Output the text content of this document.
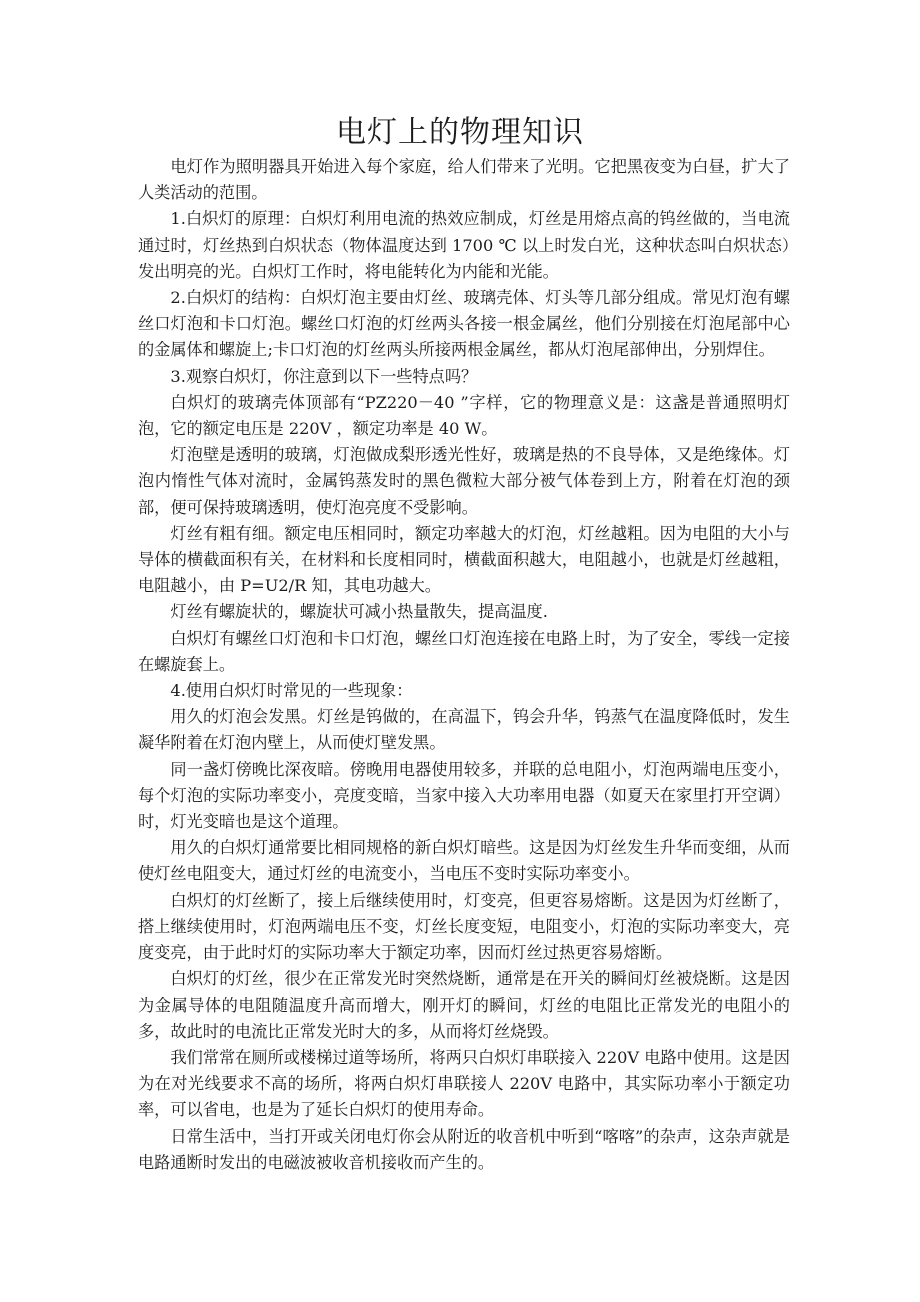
电灯上的物理知识

电灯作为照明器具开始进入每个家庭，给人们带来了光明。它把黑夜变为白昼，扩大了人类活动的范围。

1.白炽灯的原理：白炽灯利用电流的热效应制成，灯丝是用熔点高的钨丝做的，当电流通过时，灯丝热到白炽状态（物体温度达到 1700 ℃ 以上时发白光，这种状态叫白炽状态）发出明亮的光。白炽灯工作时，将电能转化为内能和光能。

2.白炽灯的结构：白炽灯泡主要由灯丝、玻璃壳体、灯头等几部分组成。常见灯泡有螺丝口灯泡和卡口灯泡。螺丝口灯泡的灯丝两头各接一根金属丝，他们分别接在灯泡尾部中心的金属体和螺旋上;卡口灯泡的灯丝两头所接两根金属丝，都从灯泡尾部伸出，分别焊住。

3.观察白炽灯，你注意到以下一些特点吗？

白炽灯的玻璃壳体顶部有“PZ220－40 ”字样，它的物理意义是：这盏是普通照明灯泡，它的额定电压是 220V ，额定功率是 40 W。

灯泡壁是透明的玻璃，灯泡做成梨形透光性好，玻璃是热的不良导体，又是绝缘体。灯泡内惰性气体对流时，金属钨蒸发时的黑色微粒大部分被气体卷到上方，附着在灯泡的颈部，便可保持玻璃透明，使灯泡亮度不受影响。

灯丝有粗有细。额定电压相同时，额定功率越大的灯泡，灯丝越粗。因为电阻的大小与导体的横截面积有关，在材料和长度相同时，横截面积越大，电阻越小，也就是灯丝越粗，电阻越小，由 P=U2/R 知，其电功越大。

灯丝有螺旋状的，螺旋状可减小热量散失，提高温度.

白炽灯有螺丝口灯泡和卡口灯泡，螺丝口灯泡连接在电路上时，为了安全，零线一定接在螺旋套上。

4.使用白炽灯时常见的一些现象：

用久的灯泡会发黑。灯丝是钨做的，在高温下，钨会升华，钨蒸气在温度降低时，发生凝华附着在灯泡内壁上，从而使灯壁发黑。

同一盏灯傍晚比深夜暗。傍晚用电器使用较多，并联的总电阻小，灯泡两端电压变小，每个灯泡的实际功率变小，亮度变暗，当家中接入大功率用电器（如夏天在家里打开空调）时，灯光变暗也是这个道理。

用久的白炽灯通常要比相同规格的新白炽灯暗些。这是因为灯丝发生升华而变细，从而使灯丝电阻变大，通过灯丝的电流变小，当电压不变时实际功率变小。

白炽灯的灯丝断了，接上后继续使用时，灯变亮，但更容易熔断。这是因为灯丝断了，搭上继续使用时，灯泡两端电压不变，灯丝长度变短，电阻变小，灯泡的实际功率变大，亮度变亮，由于此时灯的实际功率大于额定功率，因而灯丝过热更容易熔断。

白炽灯的灯丝，很少在正常发光时突然烧断，通常是在开关的瞬间灯丝被烧断。这是因为金属导体的电阻随温度升高而增大，刚开灯的瞬间，灯丝的电阻比正常发光的电阻小的多，故此时的电流比正常发光时大的多，从而将灯丝烧毁。

我们常常在厕所或楼梯过道等场所，将两只白炽灯串联接入 220V 电路中使用。这是因为在对光线要求不高的场所，将两白炽灯串联接人 220V 电路中，其实际功率小于额定功率，可以省电，也是为了延长白炽灯的使用寿命。

日常生活中，当打开或关闭电灯你会从附近的收音机中听到“喀喀”的杂声，这杂声就是电路通断时发出的电磁波被收音机接收而产生的。
